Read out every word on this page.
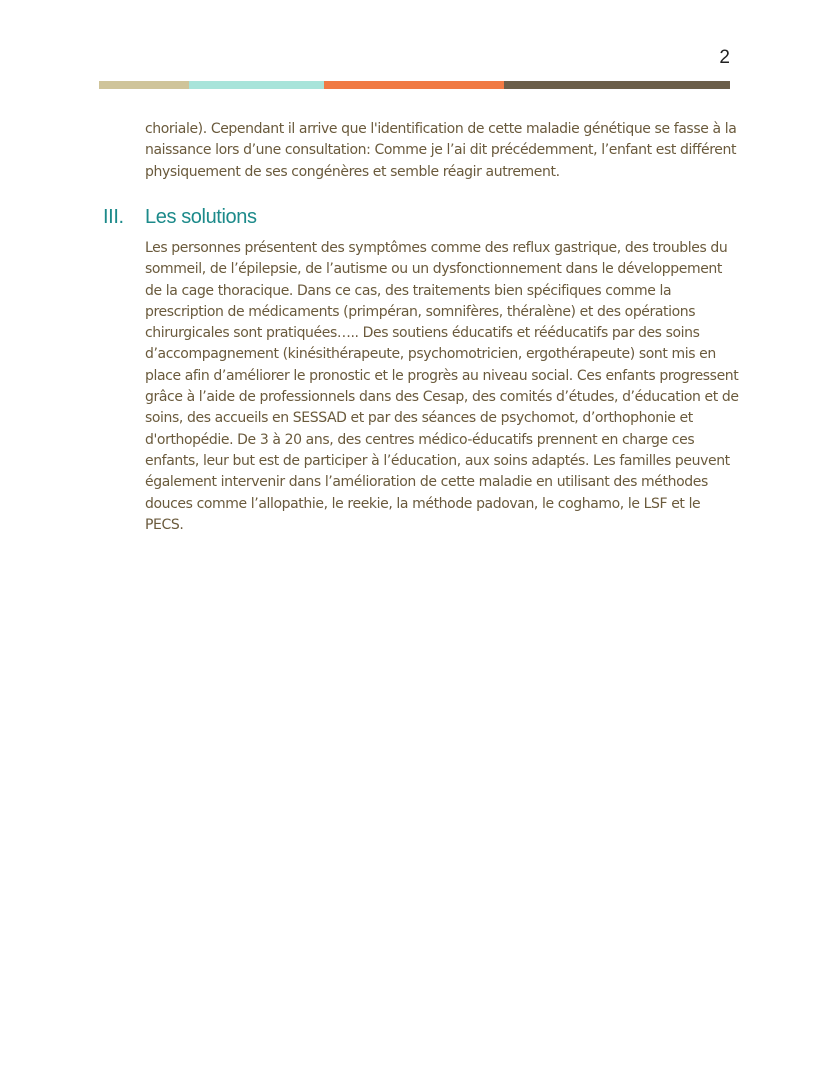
2

choriale). Cependant il arrive que l'identification de cette maladie génétique se fasse à la naissance lors d’une consultation: Comme je l’ai dit précédemment, l’enfant est différent physiquement de ses congénères et semble réagir autrement.

III.	Les solutions

Les personnes présentent des symptômes comme des reflux gastrique, des troubles du sommeil, de l’épilepsie, de l’autisme ou un dysfonctionnement dans le développement de la cage thoracique. Dans ce cas, des traitements bien spécifiques comme la prescription de médicaments (primpéran, somnifères, théralène) et des opérations chirurgicales sont pratiquées….. Des soutiens éducatifs et rééducatifs par des soins d’accompagnement (kinésithérapeute, psychomotricien, ergothérapeute) sont mis en place afin d’améliorer le pronostic et le progrès au niveau social. Ces enfants progressent grâce à l’aide de professionnels dans des Cesap, des comités d’études, d’éducation et de soins, des accueils en SESSAD et par des séances de psychomot, d’orthophonie et d'orthopédie. De 3 à 20 ans, des centres médico-éducatifs prennent en charge ces enfants, leur but est de participer à l’éducation, aux soins adaptés. Les familles peuvent également intervenir dans l’amélioration de cette maladie en utilisant des méthodes douces comme l’allopathie, le reekie, la méthode padovan, le coghamo, le LSF et le PECS.
